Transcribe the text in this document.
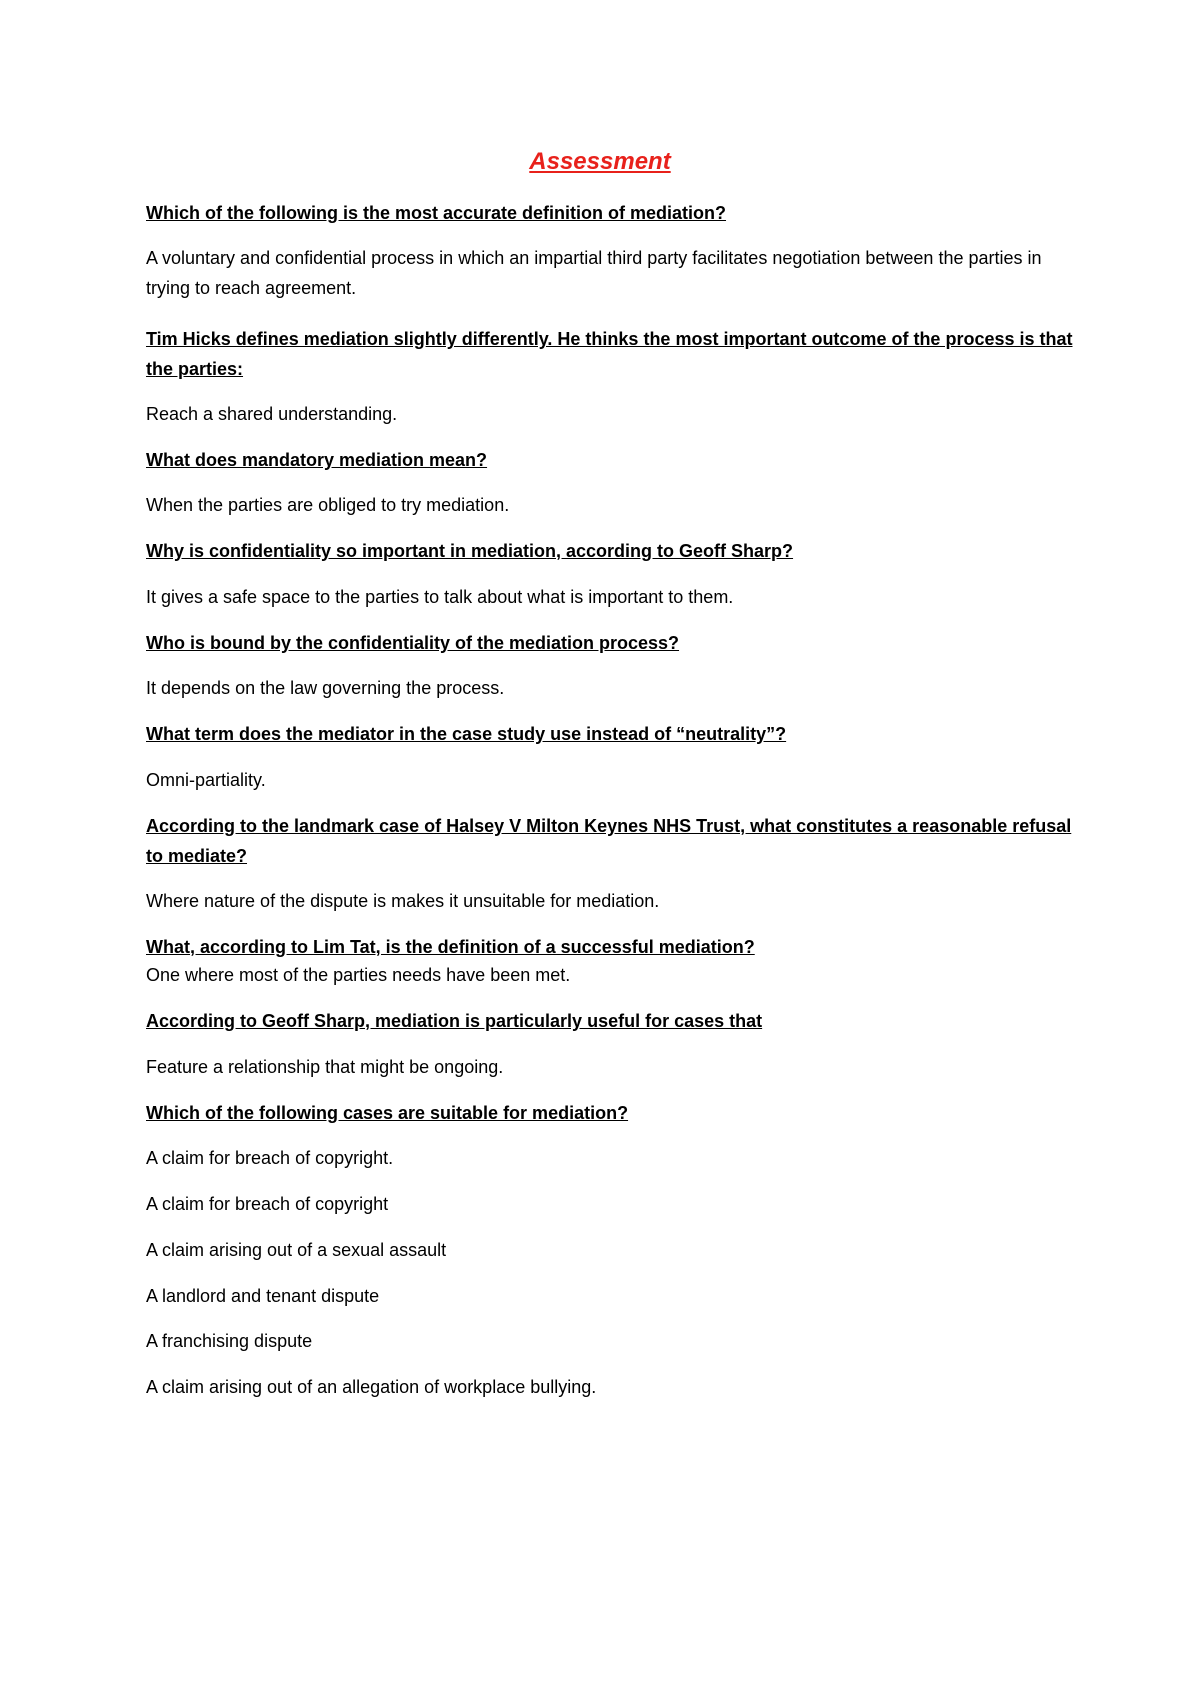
Assessment
Which of the following is the most accurate definition of mediation?
A voluntary and confidential process in which an impartial third party facilitates negotiation between the parties in trying to reach agreement.
Tim Hicks defines mediation slightly differently. He thinks the most important outcome of the process is that the parties:
Reach a shared understanding.
What does mandatory mediation mean?
When the parties are obliged to try mediation.
Why is confidentiality so important in mediation, according to Geoff Sharp?
It gives a safe space to the parties to talk about what is important to them.
Who is bound by the confidentiality of the mediation process?
It depends on the law governing the process.
What term does the mediator in the case study use instead of “neutrality”?
Omni-partiality.
According to the landmark case of Halsey V Milton Keynes NHS Trust, what constitutes a reasonable refusal to mediate?
Where nature of the dispute is makes it unsuitable for mediation.
What, according to Lim Tat, is the definition of a successful mediation?
One where most of the parties needs have been met.
According to Geoff Sharp, mediation is particularly useful for cases that
Feature a relationship that might be ongoing.
Which of the following cases are suitable for mediation?
A claim for breach of copyright.
A claim for breach of copyright
A claim arising out of a sexual assault
A landlord and tenant dispute
A franchising dispute
A claim arising out of an allegation of workplace bullying.
